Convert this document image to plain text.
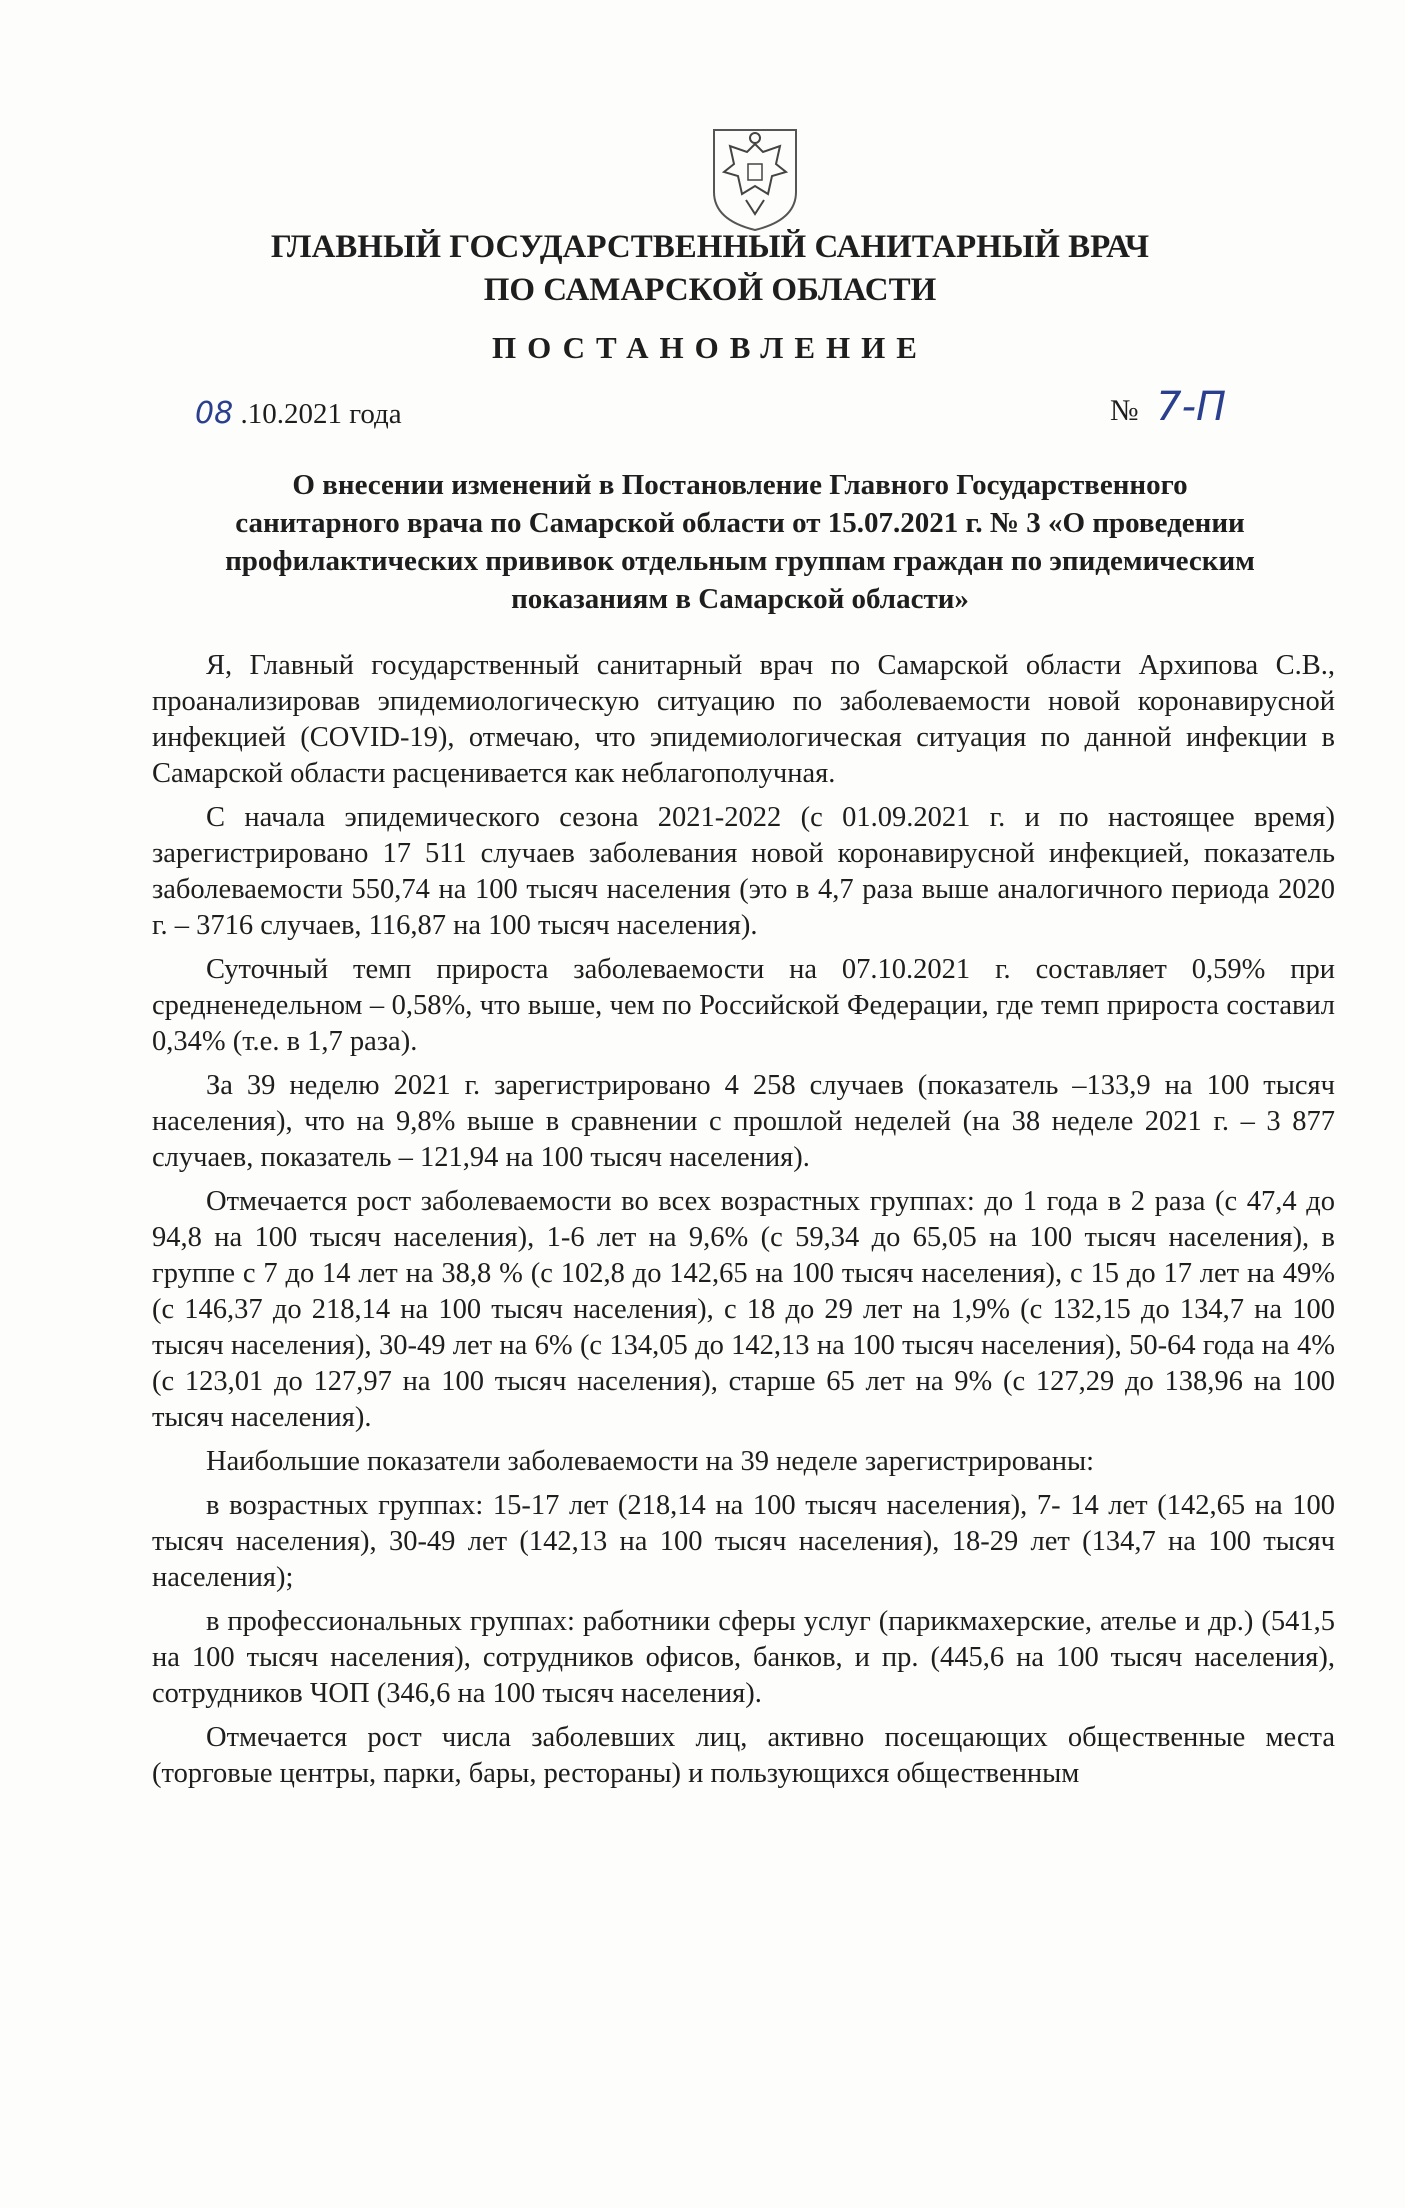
ГЛАВНЫЙ ГОСУДАРСТВЕННЫЙ САНИТАРНЫЙ ВРАЧ
ПО САМАРСКОЙ ОБЛАСТИ
ПОСТАНОВЛЕНИЕ
08 .10.2021 года	№ 7-П
О внесении изменений в Постановление Главного Государственного
санитарного врача по Самарской области от 15.07.2021 г. № 3 «О проведении
профилактических прививок отдельным группам граждан по эпидемическим
показаниям в Самарской области»

Я, Главный государственный санитарный врач по Самарской области Архипова С.В., проанализировав эпидемиологическую ситуацию по заболеваемости новой коронавирусной инфекцией (COVID-19), отмечаю, что эпидемиологическая ситуация по данной инфекции в Самарской области расценивается как неблагополучная.

С начала эпидемического сезона 2021-2022 (с 01.09.2021 г. и по настоящее время) зарегистрировано 17 511 случаев заболевания новой коронавирусной инфекцией, показатель заболеваемости 550,74 на 100 тысяч населения (это в 4,7 раза выше аналогичного периода 2020 г. – 3716 случаев, 116,87 на 100 тысяч населения).

Суточный темп прироста заболеваемости на 07.10.2021 г. составляет 0,59% при средненедельном – 0,58%, что выше, чем по Российской Федерации, где темп прироста составил 0,34% (т.е. в 1,7 раза).

За 39 неделю 2021 г. зарегистрировано 4 258 случаев (показатель –133,9 на 100 тысяч населения), что на 9,8% выше в сравнении с прошлой неделей (на 38 неделе 2021 г. – 3 877 случаев, показатель – 121,94 на 100 тысяч населения).

Отмечается рост заболеваемости во всех возрастных группах: до 1 года в 2 раза (с 47,4 до 94,8 на 100 тысяч населения), 1-6 лет на 9,6% (с 59,34 до 65,05 на 100 тысяч населения), в группе с 7 до 14 лет на 38,8 % (с 102,8 до 142,65 на 100 тысяч населения), с 15 до 17 лет на 49% (с 146,37 до 218,14 на 100 тысяч населения), с 18 до 29 лет на 1,9% (с 132,15 до 134,7 на 100 тысяч населения), 30-49 лет на 6% (с 134,05 до 142,13 на 100 тысяч населения), 50-64 года на 4% (с 123,01 до 127,97 на 100 тысяч населения), старше 65 лет на 9% (с 127,29 до 138,96 на 100 тысяч населения).

Наибольшие показатели заболеваемости на 39 неделе зарегистрированы:

в возрастных группах: 15-17 лет (218,14 на 100 тысяч населения), 7- 14 лет (142,65 на 100 тысяч населения), 30-49 лет (142,13 на 100 тысяч населения), 18-29 лет (134,7 на 100 тысяч населения);

в профессиональных группах: работники сферы услуг (парикмахерские, ателье и др.) (541,5 на 100 тысяч населения), сотрудников офисов, банков, и пр. (445,6 на 100 тысяч населения), сотрудников ЧОП (346,6 на 100 тысяч населения).

Отмечается рост числа заболевших лиц, активно посещающих общественные места (торговые центры, парки, бары, рестораны) и пользующихся общественным
